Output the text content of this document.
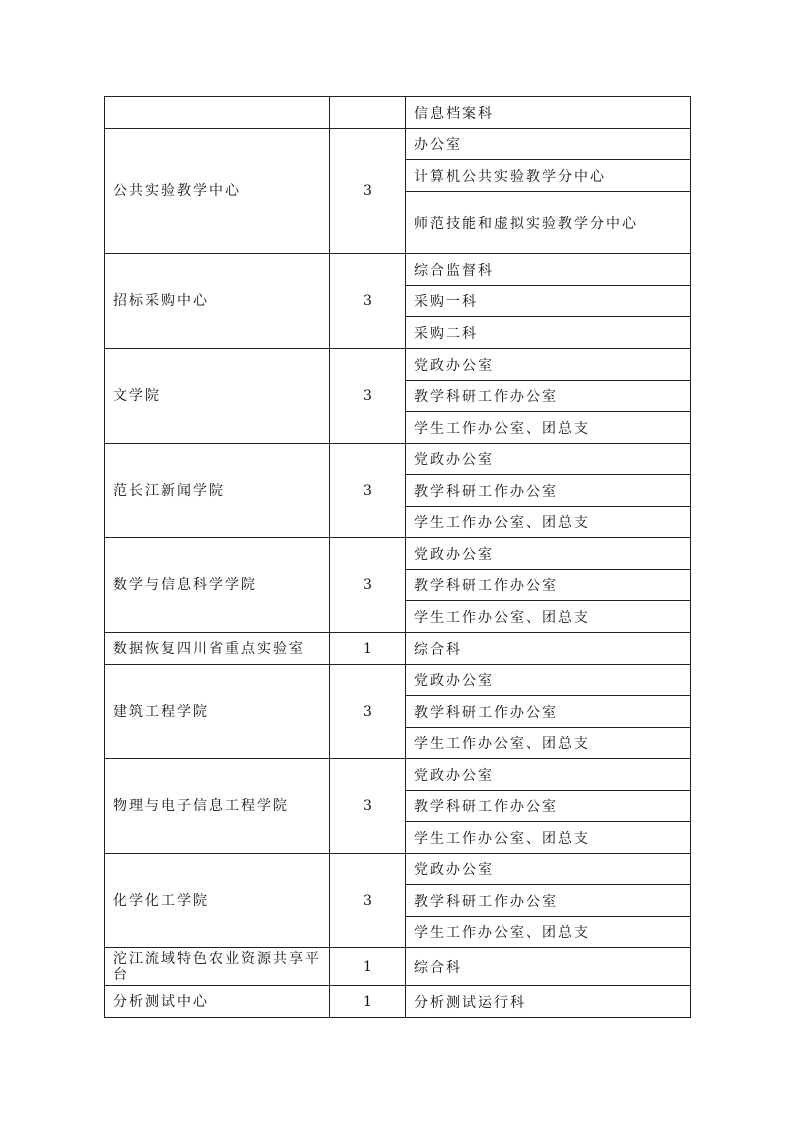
		信息档案科
公共实验教学中心	3	办公室
		计算机公共实验教学分中心
		师范技能和虚拟实验教学分中心
招标采购中心	3	综合监督科
		采购一科
		采购二科
文学院	3	党政办公室
		教学科研工作办公室
		学生工作办公室、团总支
范长江新闻学院	3	党政办公室
		教学科研工作办公室
		学生工作办公室、团总支
数学与信息科学学院	3	党政办公室
		教学科研工作办公室
		学生工作办公室、团总支
数据恢复四川省重点实验室	1	综合科
建筑工程学院	3	党政办公室
		教学科研工作办公室
		学生工作办公室、团总支
物理与电子信息工程学院	3	党政办公室
		教学科研工作办公室
		学生工作办公室、团总支
化学化工学院	3	党政办公室
		教学科研工作办公室
		学生工作办公室、团总支
沱江流域特色农业资源共享平台	1	综合科
分析测试中心	1	分析测试运行科
